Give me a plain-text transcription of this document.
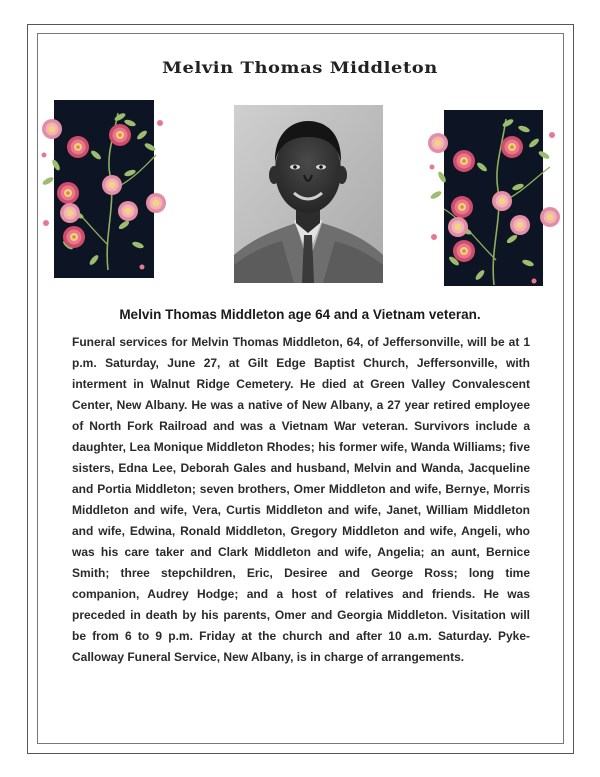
Melvin Thomas Middleton
Melvin Thomas Middleton age 64 and a Vietnam veteran.
Funeral services for Melvin Thomas Middleton, 64, of Jeffersonville, will be at 1 p.m. Saturday, June 27, at Gilt Edge Baptist Church, Jeffersonville, with interment in Walnut Ridge Cemetery. He died at Green Valley Convalescent Center, New Albany. He was a native of New Albany, a 27 year retired employee of North Fork Railroad and was a Vietnam War veteran. Survivors include a daughter, Lea Monique Middleton Rhodes; his former wife, Wanda Williams; five sisters, Edna Lee, Deborah Gales and husband, Melvin and Wanda, Jacqueline and Portia Middleton; seven brothers, Omer Middleton and wife, Bernye, Morris Middleton and wife, Vera, Curtis Middleton and wife, Janet, William Middleton and wife, Edwina, Ronald Middleton, Gregory Middleton and wife, Angeli, who was his care taker and Clark Middleton and wife, Angelia; an aunt, Bernice Smith; three stepchildren, Eric, Desiree and George Ross; long time companion, Audrey Hodge; and a host of relatives and friends. He was preceded in death by his parents, Omer and Georgia Middleton. Visitation will be from 6 to 9 p.m. Friday at the church and after 10 a.m. Saturday. Pyke-Calloway Funeral Service, New Albany, is in charge of arrangements.
